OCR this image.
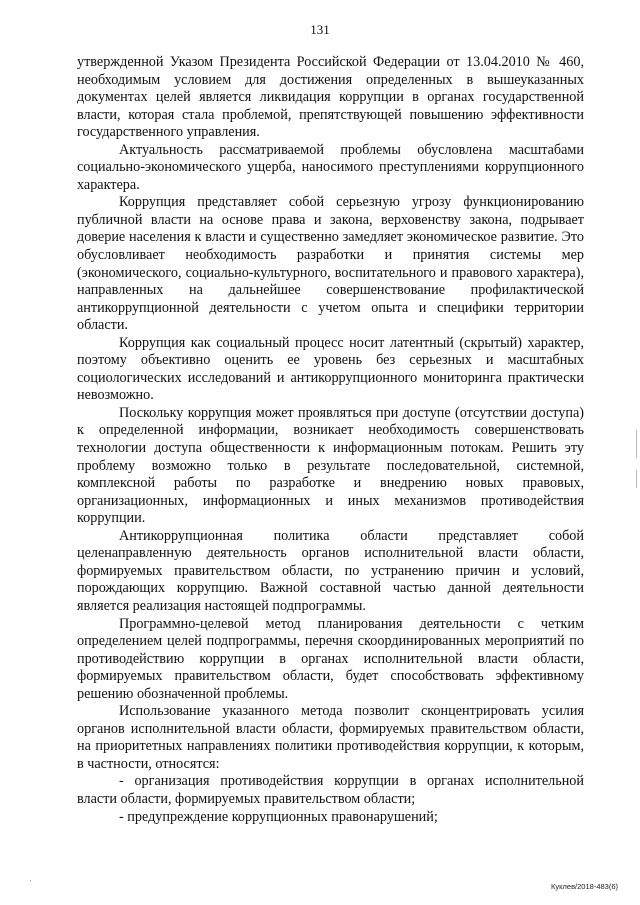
131

утвержденной Указом Президента Российской Федерации от 13.04.2010 № 460, необходимым условием для достижения определенных в вышеуказанных документах целей является ликвидация коррупции в органах государственной власти, которая стала проблемой, препятствующей повышению эффективности государственного управления.

Актуальность рассматриваемой проблемы обусловлена масштабами социально-экономического ущерба, наносимого преступлениями коррупционного характера.

Коррупция представляет собой серьезную угрозу функционированию публичной власти на основе права и закона, верховенству закона, подрывает доверие населения к власти и существенно замедляет экономическое развитие. Это обусловливает необходимость разработки и принятия системы мер (экономического, социально-культурного, воспитательного и правового характера), направленных на дальнейшее совершенствование профилактической антикоррупционной деятельности с учетом опыта и специфики территории области.

Коррупция как социальный процесс носит латентный (скрытый) характер, поэтому объективно оценить ее уровень без серьезных и масштабных социологических исследований и антикоррупционного мониторинга практически невозможно.

Поскольку коррупция может проявляться при доступе (отсутствии доступа) к определенной информации, возникает необходимость совершенствовать технологии доступа общественности к информационным потокам. Решить эту проблему возможно только в результате последовательной, системной, комплексной работы по разработке и внедрению новых правовых, организационных, информационных и иных механизмов противодействия коррупции.

Антикоррупционная политика области представляет собой целенаправленную деятельность органов исполнительной власти области, формируемых правительством области, по устранению причин и условий, порождающих коррупцию. Важной составной частью данной деятельности является реализация настоящей подпрограммы.

Программно-целевой метод планирования деятельности с четким определением целей подпрограммы, перечня скоординированных мероприятий по противодействию коррупции в органах исполнительной власти области, формируемых правительством области, будет способствовать эффективному решению обозначенной проблемы.

Использование указанного метода позволит сконцентрировать усилия органов исполнительной власти области, формируемых правительством области, на приоритетных направлениях политики противодействия коррупции, к которым, в частности, относятся:

- организация противодействия коррупции в органах исполнительной власти области, формируемых правительством области;

- предупреждение коррупционных правонарушений;

Куклев/2018-483(6)
